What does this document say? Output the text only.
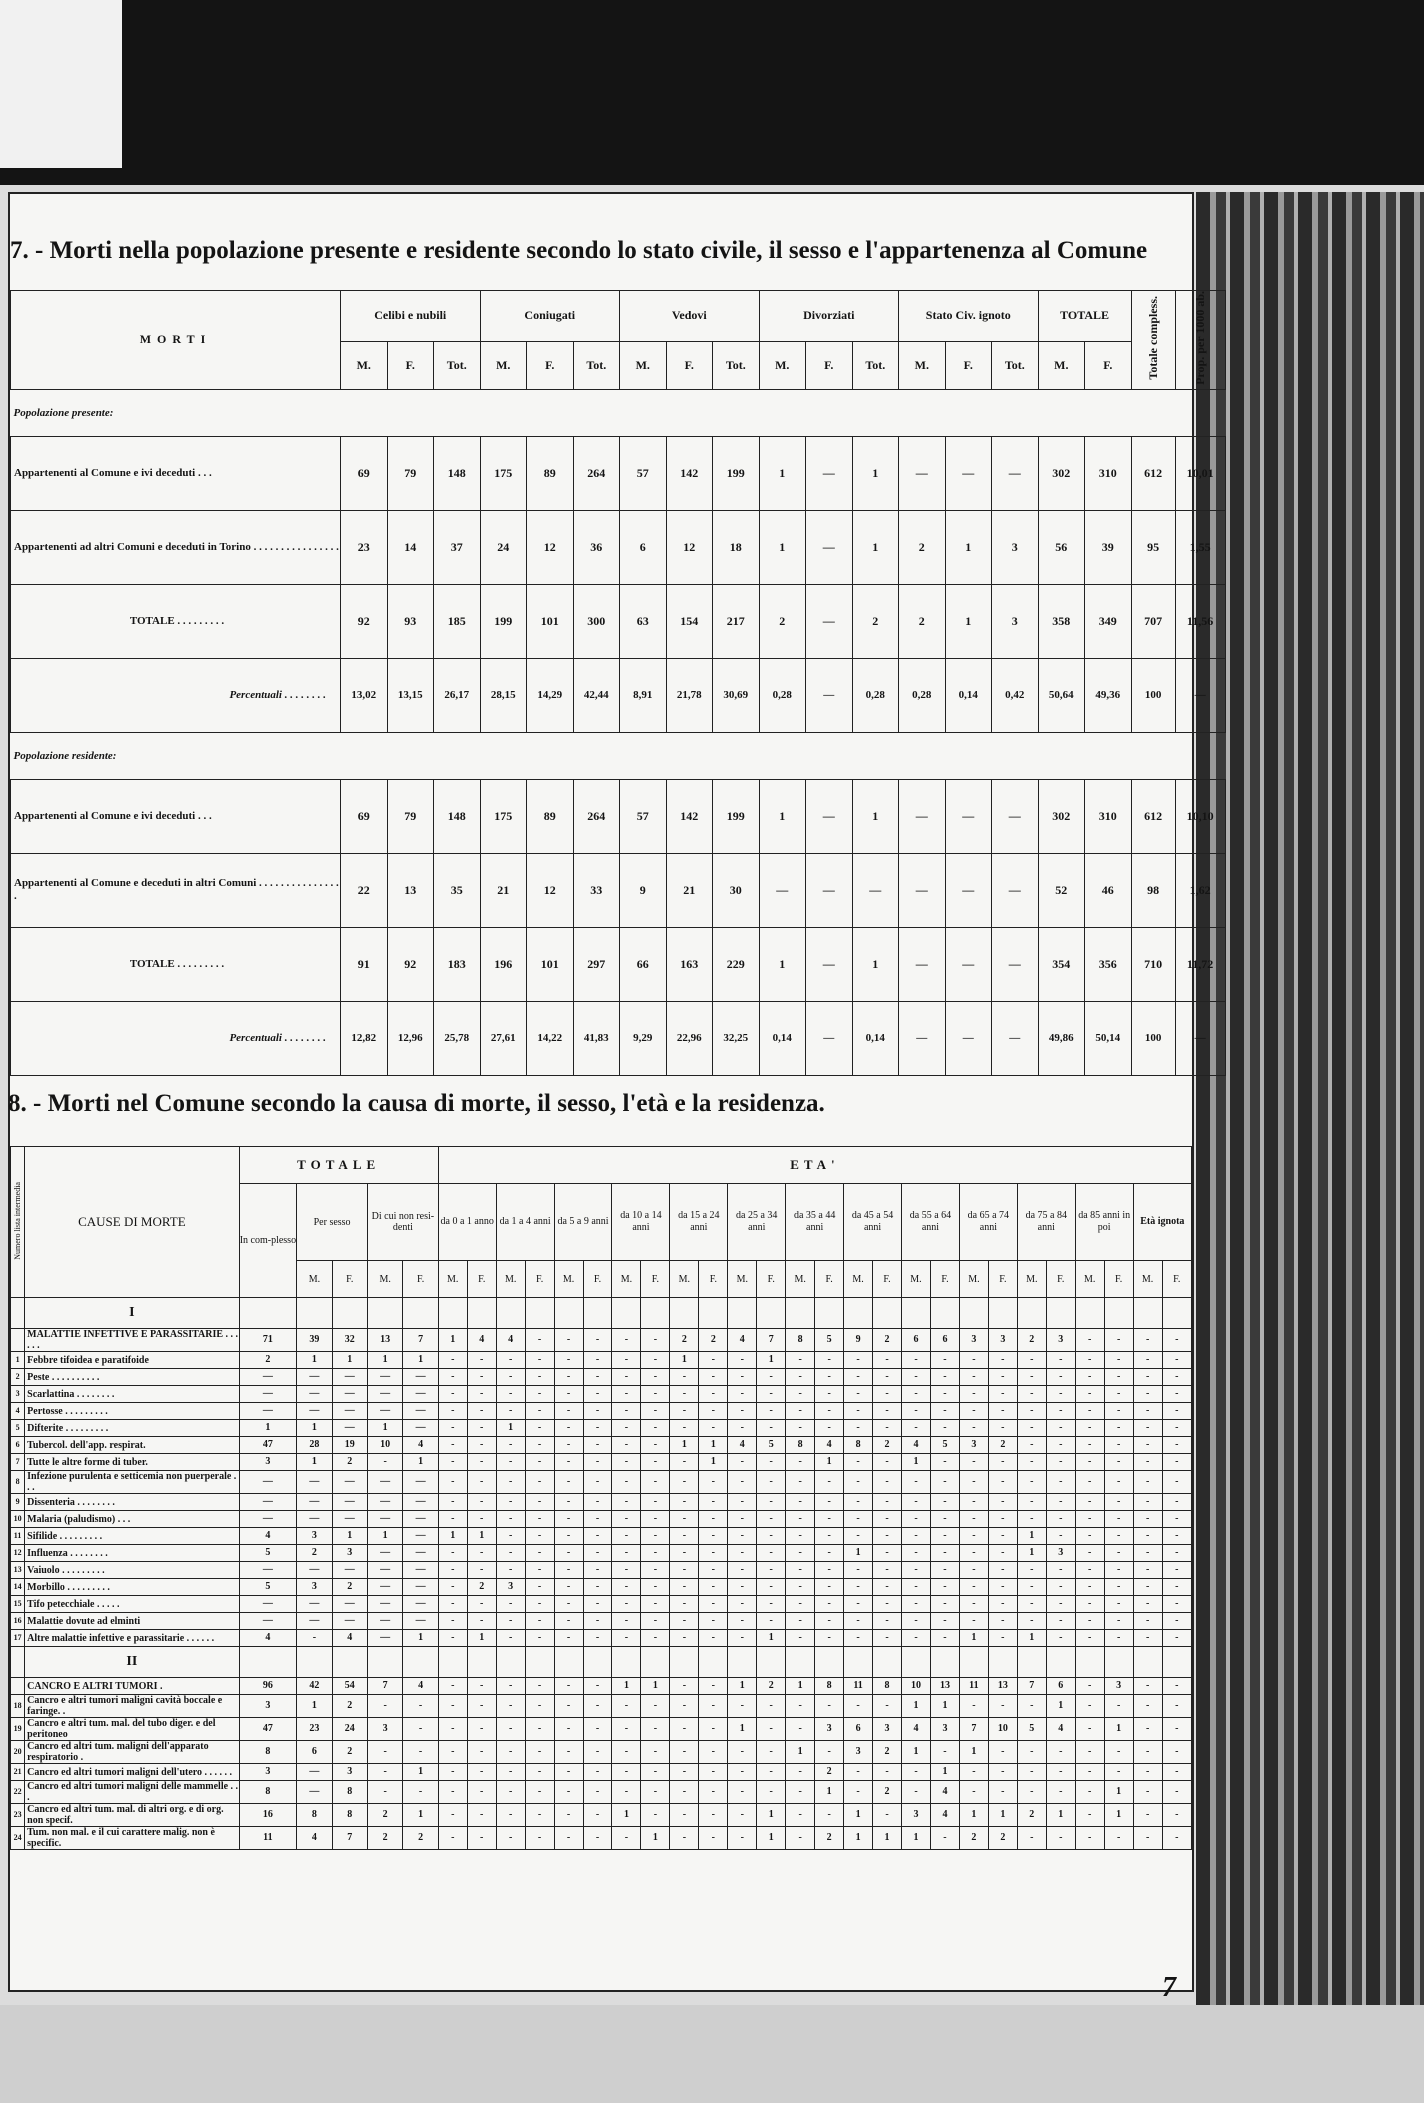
7. - Morti nella popolazione presente e residente secondo lo stato civile, il sesso e l'appartenenza al Comune
MORTI	Celibi e nubili			Coniugati			Vedovi			Divorziati			Stato Civ. ignoto			TOTALE		Totale compless.	Prop. per 1000 ab.
	M.	F.	Tot.	M.	F.	Tot.	M.	F.	Tot.	M.	F.	Tot.	M.	F.	Tot.	M.	F.		
Popolazione presente:																			
Appartenenti al Comune e ivi deceduti . . .	69	79	148	175	89	264	57	142	199	1	—	1	—	—	—	302	310	612	10,01
Appartenenti ad altri Comuni e deceduti in Torino . . . . . . . . . . . . . . . .	23	14	37	24	12	36	6	12	18	1	—	1	2	1	3	56	39	95	1,55
TOTALE . . . . . . . . .	92	93	185	199	101	300	63	154	217	2	—	2	2	1	3	358	349	707	11,56
Percentuali . . . . . . . .	13,02	13,15	26,17	28,15	14,29	42,44	8,91	21,78	30,69	0,28	—	0,28	0,28	0,14	0,42	50,64	49,36	100	—
Popolazione residente:																			
Appartenenti al Comune e ivi deceduti . . .	69	79	148	175	89	264	57	142	199	1	—	1	—	—	—	302	310	612	10,10
Appartenenti al Comune e deceduti in altri Comuni . . . . . . . . . . . . . . . .	22	13	35	21	12	33	9	21	30	—	—	—	—	—	—	52	46	98	1,62
TOTALE . . . . . . . . .	91	92	183	196	101	297	66	163	229	1	—	1	—	—	—	354	356	710	11,72
Percentuali . . . . . . . .	12,82	12,96	25,78	27,61	14,22	41,83	9,29	22,96	32,25	0,14	—	0,14	—	—	—	49,86	50,14	100	—
8. - Morti nel Comune secondo la causa di morte, il sesso, l'età e la residenza.
Numero lista intermedia	CAUSE DI MORTE	TOTALE					ETA'																									
		In com-plesso	Per sesso		Di cui non resi-denti		da 0 a 1 anno		da 1 a 4 anni		da 5 a 9 anni		da 10 a 14 anni		da 15 a 24 anni		da 25 a 34 anni		da 35 a 44 anni		da 45 a 54 anni		da 55 a 64 anni		da 65 a 74 anni		da 75 a 84 anni		da 85 anni in poi		Età ignota	
			M.	F.	M.	F.	M.	F.	M.	F.	M.	F.	M.	F.	M.	F.	M.	F.	M.	F.	M.	F.	M.	F.	M.	F.	M.	F.	M.	F.	M.	F.
	I																															
	MALATTIE INFETTIVE E PARASSITARIE . . . . . .	71	39	32	13	7	1	4	4	-	-	-	-	-	2	2	4	7	8	5	9	2	6	6	3	3	2	3	-	-	-	-
1	Febbre tifoidea e paratifoide	2	1	1	1	1	-	-	-	-	-	-	-	-	1	-	-	1	-	-	-	-	-	-	-	-	-	-	-	-	-	-
2	Peste . . . . . . . . . .	—	—	—	—	—	-	-	-	-	-	-	-	-	-	-	-	-	-	-	-	-	-	-	-	-	-	-	-	-	-	-
3	Scarlattina . . . . . . . .	—	—	—	—	—	-	-	-	-	-	-	-	-	-	-	-	-	-	-	-	-	-	-	-	-	-	-	-	-	-	-
4	Pertosse . . . . . . . . .	—	—	—	—	—	-	-	-	-	-	-	-	-	-	-	-	-	-	-	-	-	-	-	-	-	-	-	-	-	-	-
5	Difterite . . . . . . . . .	1	1	—	1	—	-	-	1	-	-	-	-	-	-	-	-	-	-	-	-	-	-	-	-	-	-	-	-	-	-	-
6	Tubercol. dell'app. respirat.	47	28	19	10	4	-	-	-	-	-	-	-	-	1	1	4	5	8	4	8	2	4	5	3	2	-	-	-	-	-	-
7	Tutte le altre forme di tuber.	3	1	2	-	1	-	-	-	-	-	-	-	-	-	1	-	-	-	1	-	-	1	-	-	-	-	-	-	-	-	-
8	Infezione purulenta e setticemia non puerperale . . .	—	—	—	—	—	-	-	-	-	-	-	-	-	-	-	-	-	-	-	-	-	-	-	-	-	-	-	-	-	-	-
9	Dissenteria . . . . . . . .	—	—	—	—	—	-	-	-	-	-	-	-	-	-	-	-	-	-	-	-	-	-	-	-	-	-	-	-	-	-	-
10	Malaria (paludismo) . . .	—	—	—	—	—	-	-	-	-	-	-	-	-	-	-	-	-	-	-	-	-	-	-	-	-	-	-	-	-	-	-
11	Sifilide . . . . . . . . .	4	3	1	1	—	1	1	-	-	-	-	-	-	-	-	-	-	-	-	-	-	-	-	-	-	1	-	-	-	-	-
12	Influenza . . . . . . . .	5	2	3	—	—	-	-	-	-	-	-	-	-	-	-	-	-	-	-	1	-	-	-	-	-	1	3	-	-	-	-
13	Vaiuolo . . . . . . . . .	—	—	—	—	—	-	-	-	-	-	-	-	-	-	-	-	-	-	-	-	-	-	-	-	-	-	-	-	-	-	-
14	Morbillo . . . . . . . . .	5	3	2	—	—	-	2	3	-	-	-	-	-	-	-	-	-	-	-	-	-	-	-	-	-	-	-	-	-	-	-
15	Tifo petecchiale . . . . .	—	—	—	—	—	-	-	-	-	-	-	-	-	-	-	-	-	-	-	-	-	-	-	-	-	-	-	-	-	-	-
16	Malattie dovute ad elminti	—	—	—	—	—	-	-	-	-	-	-	-	-	-	-	-	-	-	-	-	-	-	-	-	-	-	-	-	-	-	-
17	Altre malattie infettive e parassitarie . . . . . .	4	-	4	—	1	-	1	-	-	-	-	-	-	-	-	-	1	-	-	-	-	-	-	1	-	1	-	-	-	-	-
	II																															
	CANCRO E ALTRI TUMORI .	96	42	54	7	4	-	-	-	-	-	-	1	1	-	-	1	2	1	8	11	8	10	13	11	13	7	6	-	3	-	-
18	Cancro e altri tumori maligni cavità boccale e faringe. .	3	1	2	-	-	-	-	-	-	-	-	-	-	-	-	-	-	-	-	-	-	1	1	-	-	-	1	-	-	-	-
19	Cancro e altri tum. mal. del tubo diger. e del peritoneo	47	23	24	3	-	-	-	-	-	-	-	-	-	-	-	1	-	-	3	6	3	4	3	7	10	5	4	-	1	-	-
20	Cancro ed altri tum. maligni dell'apparato respiratorio .	8	6	2	-	-	-	-	-	-	-	-	-	-	-	-	-	-	1	-	3	2	1	-	1	-	-	-	-	-	-	-
21	Cancro ed altri tumori maligni dell'utero . . . . . .	3	—	3	-	1	-	-	-	-	-	-	-	-	-	-	-	-	-	2	-	-	-	1	-	-	-	-	-	-	-	-
22	Cancro ed altri tumori maligni delle mammelle . . .	8	—	8	-	-	-	-	-	-	-	-	-	-	-	-	-	-	-	1	-	2	-	4	-	-	-	-	-	1	-	-
23	Cancro ed altri tum. mal. di altri org. e di org. non specif.	16	8	8	2	1	-	-	-	-	-	-	1	-	-	-	-	1	-	-	1	-	3	4	1	1	2	1	-	1	-	-
24	Tum. non mal. e il cui carattere malig. non è specific.	11	4	7	2	2	-	-	-	-	-	-	-	1	-	-	-	1	-	2	1	1	1	-	2	2	-	-	-	-	-	-
7
